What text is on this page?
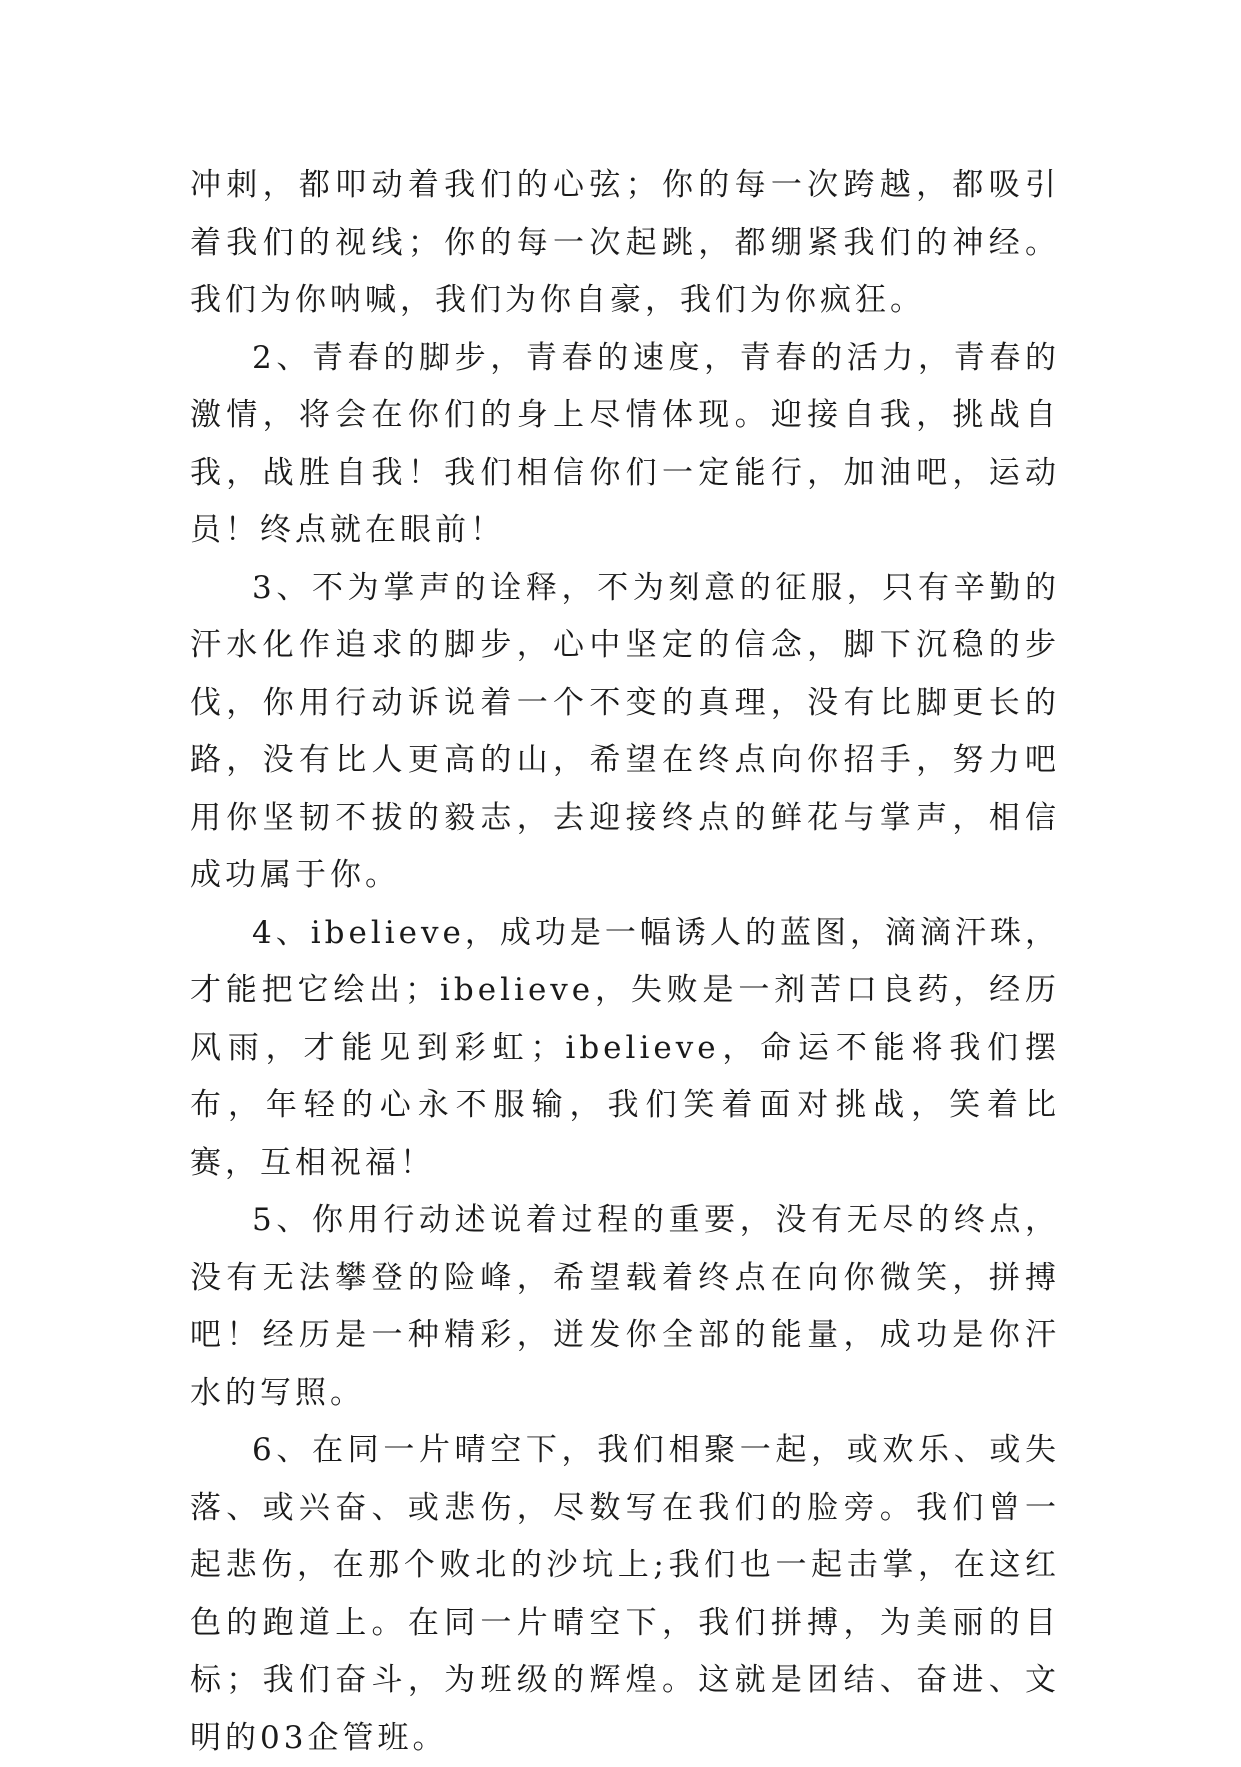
冲刺，都叩动着我们的心弦；你的每一次跨越，都吸引着我们的视线；你的每一次起跳，都绷紧我们的神经。我们为你呐喊，我们为你自豪，我们为你疯狂。

2、青春的脚步，青春的速度，青春的活力，青春的激情，将会在你们的身上尽情体现。迎接自我，挑战自我，战胜自我！我们相信你们一定能行，加油吧，运动员！终点就在眼前！

3、不为掌声的诠释，不为刻意的征服，只有辛勤的汗水化作追求的脚步，心中坚定的信念，脚下沉稳的步伐，你用行动诉说着一个不变的真理，没有比脚更长的路，没有比人更高的山，希望在终点向你招手，努力吧用你坚韧不拔的毅志，去迎接终点的鲜花与掌声，相信成功属于你。

4、ibelieve，成功是一幅诱人的蓝图，滴滴汗珠，才能把它绘出；ibelieve，失败是一剂苦口良药，经历风雨，才能见到彩虹；ibelieve，命运不能将我们摆布，年轻的心永不服输，我们笑着面对挑战，笑着比赛，互相祝福！

5、你用行动述说着过程的重要，没有无尽的终点，没有无法攀登的险峰，希望载着终点在向你微笑，拼搏吧！经历是一种精彩，迸发你全部的能量，成功是你汗水的写照。

6、在同一片晴空下，我们相聚一起，或欢乐、或失落、或兴奋、或悲伤，尽数写在我们的脸旁。我们曾一起悲伤，在那个败北的沙坑上;我们也一起击掌，在这红色的跑道上。在同一片晴空下，我们拼搏，为美丽的目标；我们奋斗，为班级的辉煌。这就是团结、奋进、文明的03企管班。
